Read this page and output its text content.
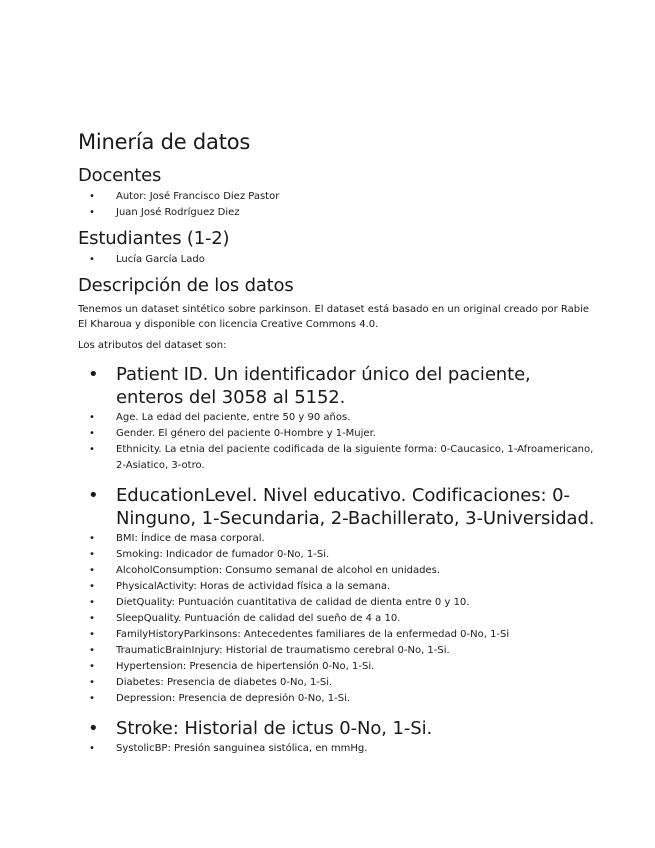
Minería de datos
Docentes
• Autor: José Francisco Diez Pastor
• Juan José Rodríguez Diez
Estudiantes (1-2)
• Lucía García Lado
Descripción de los datos

Tenemos un dataset sintético sobre parkinson. El dataset está basado en un original creado por Rabie El Kharoua y disponible con licencia Creative Commons 4.0.

Los atributos del dataset son:

• Patient ID. Un identificador único del paciente, enteros del 3058 al 5152.

• Age. La edad del paciente, entre 50 y 90 años.
• Gender. El género del paciente 0-Hombre y 1-Mujer.
• Ethnicity. La etnia del paciente codificada de la siguiente forma: 0-Caucasico, 1-Afroamericano, 2-Asiatico, 3-otro.

• EducationLevel. Nivel educativo. Codificaciones: 0-Ninguno, 1-Secundaria, 2-Bachillerato, 3-Universidad.

• BMI: Índice de masa corporal.
• Smoking: Indicador de fumador 0-No, 1-Si.
• AlcoholConsumption: Consumo semanal de alcohol en unidades.
• PhysicalActivity: Horas de actividad física a la semana.
• DietQuality: Puntuación cuantitativa de calidad de dienta entre 0 y 10.
• SleepQuality. Puntuación de calidad del sueño de 4 a 10.
• FamilyHistoryParkinsons: Antecedentes familiares de la enfermedad 0-No, 1-Si
• TraumaticBrainInjury: Historial de traumatismo cerebral 0-No, 1-Si.
• Hypertension: Presencia de hipertensión 0-No, 1-Si.
• Diabetes: Presencia de diabetes 0-No, 1-Si.
• Depression: Presencia de depresión 0-No, 1-Si.

• Stroke: Historial de ictus 0-No, 1-Si.

• SystolicBP: Presión sanguinea sistólica, en mmHg.
